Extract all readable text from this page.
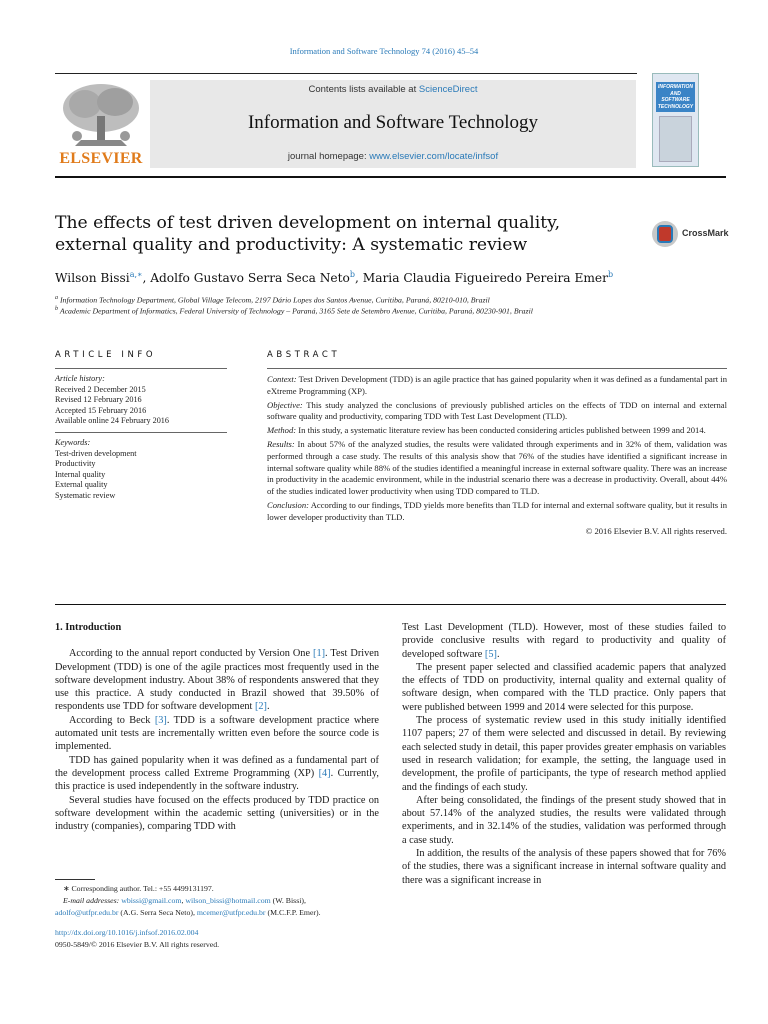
Information and Software Technology 74 (2016) 45–54
ELSEVIER
Contents lists available at ScienceDirect
Information and Software Technology
journal homepage: www.elsevier.com/locate/infsof
INFORMATION AND SOFTWARE TECHNOLOGY
The effects of test driven development on internal quality, external quality and productivity: A systematic review
CrossMark
Wilson Bissi$^{a,∗}$, Adolfo Gustavo Serra Seca Neto$^b$, Maria Claudia Figueiredo Pereira Emer$^b$
$^a$ Information Technology Department, Global Village Telecom, 2197 Dário Lopes dos Santos Avenue, Curitiba, Paraná, 80210-010, Brazil
$^b$ Academic Department of Informatics, Federal University of Technology – Paraná, 3165 Sete de Setembro Avenue, Curitiba, Paraná, 80230-901, Brazil
ARTICLE INFO
Article history:
Received 2 December 2015
Revised 12 February 2016
Accepted 15 February 2016
Available online 24 February 2016
Keywords:
Test-driven development
Productivity
Internal quality
External quality
Systematic review
ABSTRACT

Context: Test Driven Development (TDD) is an agile practice that has gained popularity when it was defined as a fundamental part in eXtreme Programming (XP).

Objective: This study analyzed the conclusions of previously published articles on the effects of TDD on internal and external software quality and productivity, comparing TDD with Test Last Development (TLD).

Method: In this study, a systematic literature review has been conducted considering articles published between 1999 and 2014.

Results: In about 57% of the analyzed studies, the results were validated through experiments and in 32% of them, validation was performed through a case study. The results of this analysis show that 76% of the studies have identified a significant increase in internal software quality while 88% of the studies identified a meaningful increase in external software quality. There was an increase in productivity in the academic environment, while in the industrial scenario there was a decrease in productivity. Overall, about 44% of the studies indicated lower productivity when using TDD compared to TLD.

Conclusion: According to our findings, TDD yields more benefits than TLD for internal and external software quality, but it results in lower developer productivity than TLD.

© 2016 Elsevier B.V. All rights reserved.

1. Introduction

According to the annual report conducted by Version One [1]. Test Driven Development (TDD) is one of the agile practices most frequently used in the software development industry. About 38% of respondents answered that they use this practice. A study conducted in Brazil showed that 39.50% of respondents use TDD for software development [2].

According to Beck [3]. TDD is a software development practice where automated unit tests are incrementally written even before the source code is implemented.

TDD has gained popularity when it was defined as a fundamental part of the development process called Extreme Programming (XP) [4]. Currently, this practice is used independently in the software industry.

Several studies have focused on the effects produced by TDD practice on software development within the academic setting (universities) or in the industry (companies), comparing TDD with

Test Last Development (TLD). However, most of these studies failed to provide conclusive results with regard to productivity and quality of developed software [5].

The present paper selected and classified academic papers that analyzed the effects of TDD on productivity, internal quality and external quality of software design, when compared with the TLD practice. Only papers that were published between 1999 and 2014 were selected for this purpose.

The process of systematic review used in this study initially identified 1107 papers; 27 of them were selected and discussed in detail. By reviewing each selected study in detail, this paper provides greater emphasis on variables used in research validation; for example, the setting, the language used in development, the profile of participants, the type of research method applied and the findings of each study.

After being consolidated, the findings of the present study showed that in about 57.14% of the analyzed studies, the results were validated through experiments, and in 32.14% of the studies, validation was performed through a case study.

In addition, the results of the analysis of these papers showed that for 76% of the studies, there was a significant increase in internal software quality and there was a significant increase in

∗ Corresponding author. Tel.: +55 4499131197.
E-mail addresses: wbissi@gmail.com, wilson_bissi@hotmail.com (W. Bissi),
adolfo@utfpr.edu.br (A.G. Serra Seca Neto), mcemer@utfpr.edu.br (M.C.F.P. Emer).
http://dx.doi.org/10.1016/j.infsof.2016.02.004
0950-5849/© 2016 Elsevier B.V. All rights reserved.
